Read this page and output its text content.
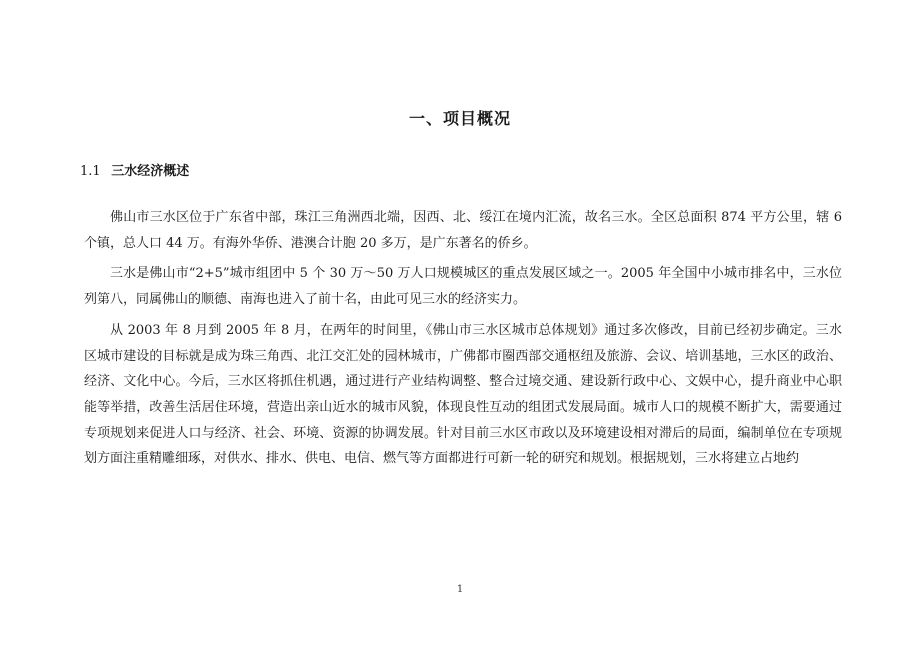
一、项目概况
1.1 三水经济概述

佛山市三水区位于广东省中部，珠江三角洲西北端，因西、北、绥江在境内汇流，故名三水。全区总面积 874 平方公里，辖 6 个镇，总人口 44 万。有海外华侨、港澳合计胞 20 多万，是广东著名的侨乡。

三水是佛山市“2+5”城市组团中 5 个 30 万～50 万人口规模城区的重点发展区域之一。2005 年全国中小城市排名中，三水位列第八，同属佛山的顺德、南海也进入了前十名，由此可见三水的经济实力。

从 2003 年 8 月到 2005 年 8 月，在两年的时间里，《佛山市三水区城市总体规划》通过多次修改，目前已经初步确定。三水区城市建设的目标就是成为珠三角西、北江交汇处的园林城市，广佛都市圈西部交通枢纽及旅游、会议、培训基地，三水区的政治、经济、文化中心。今后，三水区将抓住机遇，通过进行产业结构调整、整合过境交通、建设新行政中心、文娱中心，提升商业中心职能等举措，改善生活居住环境，营造出亲山近水的城市风貌，体现良性互动的组团式发展局面。城市人口的规模不断扩大，需要通过专项规划来促进人口与经济、社会、环境、资源的协调发展。针对目前三水区市政以及环境建设相对滞后的局面，编制单位在专项规划方面注重精雕细琢，对供水、排水、供电、电信、燃气等方面都进行可新一轮的研究和规划。根据规划，三水将建立占地约

1
